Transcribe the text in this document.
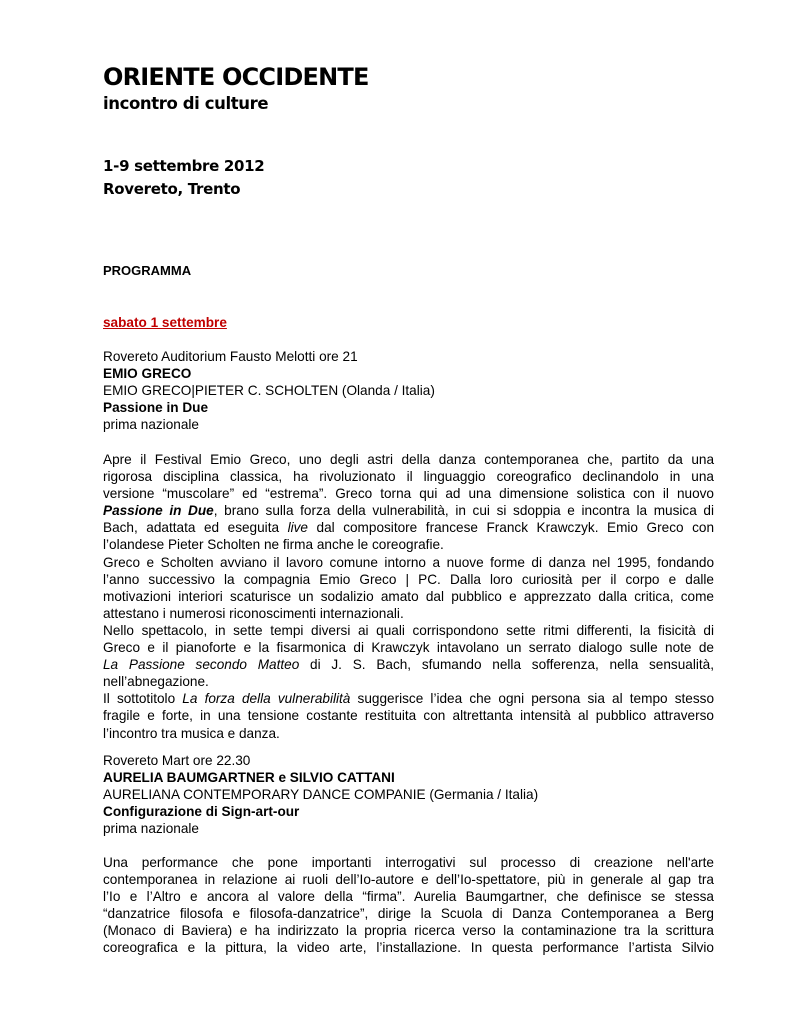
ORIENTE OCCIDENTE
incontro di culture
1-9 settembre 2012
Rovereto, Trento
PROGRAMMA
sabato 1 settembre
Rovereto Auditorium Fausto Melotti ore 21
EMIO GRECO
EMIO GRECO|PIETER C. SCHOLTEN (Olanda / Italia)
Passione in Due
prima nazionale
Apre il Festival Emio Greco, uno degli astri della danza contemporanea che, partito da una
rigorosa disciplina classica, ha rivoluzionato il linguaggio coreografico declinandolo in una
versione “muscolare” ed “estrema”. Greco torna qui ad una dimensione solistica con il nuovo
Passione in Due, brano sulla forza della vulnerabilità, in cui si sdoppia e incontra la musica di
Bach, adattata ed eseguita live dal compositore francese Franck Krawczyk. Emio Greco con
l’olandese Pieter Scholten ne firma anche le coreografie.
Greco e Scholten avviano il lavoro comune intorno a nuove forme di danza nel 1995, fondando
l’anno successivo la compagnia Emio Greco | PC. Dalla loro curiosità per il corpo e dalle
motivazioni interiori scaturisce un sodalizio amato dal pubblico e apprezzato dalla critica, come
attestano i numerosi riconoscimenti internazionali.
Nello spettacolo, in sette tempi diversi ai quali corrispondono sette ritmi differenti, la fisicità di
Greco e il pianoforte e la fisarmonica di Krawczyk intavolano un serrato dialogo sulle note de
La Passione secondo Matteo di J. S. Bach, sfumando nella sofferenza, nella sensualità,
nell’abnegazione.
Il sottotitolo La forza della vulnerabilità suggerisce l’idea che ogni persona sia al tempo stesso
fragile e forte, in una tensione costante restituita con altrettanta intensità al pubblico attraverso
l’incontro tra musica e danza.
Rovereto Mart ore 22.30
AURELIA BAUMGARTNER e SILVIO CATTANI
AURELIANA CONTEMPORARY DANCE COMPANIE (Germania / Italia)
Configurazione di Sign-art-our
prima nazionale
Una performance che pone importanti interrogativi sul processo di creazione nell'arte
contemporanea in relazione ai ruoli dell’Io-autore e dell’Io-spettatore, più in generale al gap tra
l’Io e l’Altro e ancora al valore della “firma”. Aurelia Baumgartner, che definisce se stessa
“danzatrice filosofa e filosofa-danzatrice”, dirige la Scuola di Danza Contemporanea a Berg
(Monaco di Baviera) e ha indirizzato la propria ricerca verso la contaminazione tra la scrittura
coreografica e la pittura, la video arte, l’installazione. In questa performance l’artista Silvio
